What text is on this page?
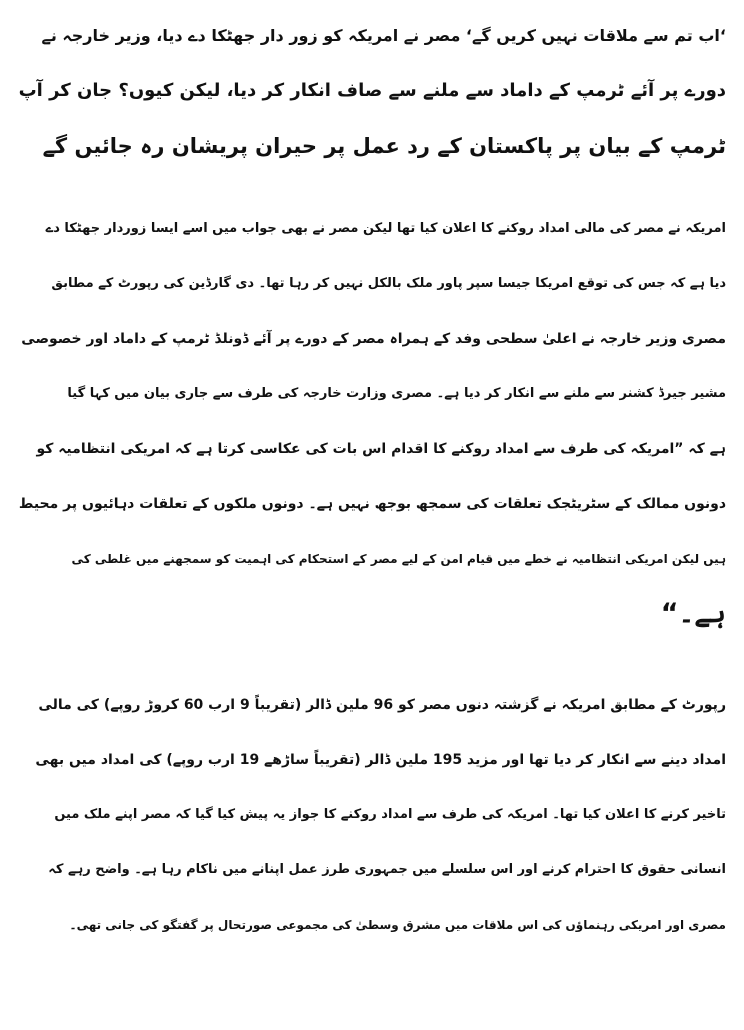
‘اب تم سے ملاقات نہیں کریں گے‘ مصر نے امریکہ کو زور دار جھٹکا دے دیا، وزیر خارجہ نے
دورے پر آئے ٹرمپ کے داماد سے ملنے سے صاف انکار کر دیا، لیکن کیوں؟ جان کر آپ
ٹرمپ کے بیان پر پاکستان کے رد عمل پر حیران پریشان رہ جائیں گے
امریکہ نے مصر کی مالی امداد روکنے کا اعلان کیا تھا لیکن مصر نے بھی جواب میں اسے ایسا زوردار جھٹکا دے
دیا ہے کہ جس کی توقع امریکا جیسا سپر پاور ملک بالکل نہیں کر رہا تھا۔ دی گارڈین کی رپورٹ کے مطابق
مصری وزیر خارجہ نے اعلیٰ سطحی وفد کے ہمراہ مصر کے دورے پر آئے ڈونلڈ ٹرمپ کے داماد اور خصوصی
مشیر جیرڈ کشنر سے ملنے سے انکار کر دیا ہے۔ مصری وزارت خارجہ کی طرف سے جاری بیان میں کہا گیا
ہے کہ ”امریکہ کی طرف سے امداد روکنے کا اقدام اس بات کی عکاسی کرتا ہے کہ امریکی انتظامیہ کو
دونوں ممالک کے سٹریٹجک تعلقات کی سمجھ بوجھ نہیں ہے۔ دونوں ملکوں کے تعلقات دہائیوں پر محیط
ہیں لیکن امریکی انتظامیہ نے خطے میں قیام امن کے لیے مصر کے استحکام کی اہمیت کو سمجھنے میں غلطی کی
ہے۔“
رپورٹ کے مطابق امریکہ نے گزشتہ دنوں مصر کو 96 ملین ڈالر (تقریباً 9 ارب 60 کروڑ روپے) کی مالی
امداد دینے سے انکار کر دیا تھا اور مزید 195 ملین ڈالر (تقریباً ساڑھے 19 ارب روپے) کی امداد میں بھی
تاخیر کرنے کا اعلان کیا تھا۔ امریکہ کی طرف سے امداد روکنے کا جواز یہ پیش کیا گیا کہ مصر اپنے ملک میں
انسانی حقوق کا احترام کرنے اور اس سلسلے میں جمہوری طرز عمل اپنانے میں ناکام رہا ہے۔ واضح رہے کہ
مصری اور امریکی رہنماؤں کی اس ملاقات میں مشرق وسطیٰ کی مجموعی صورتحال پر گفتگو کی جانی تھی۔
